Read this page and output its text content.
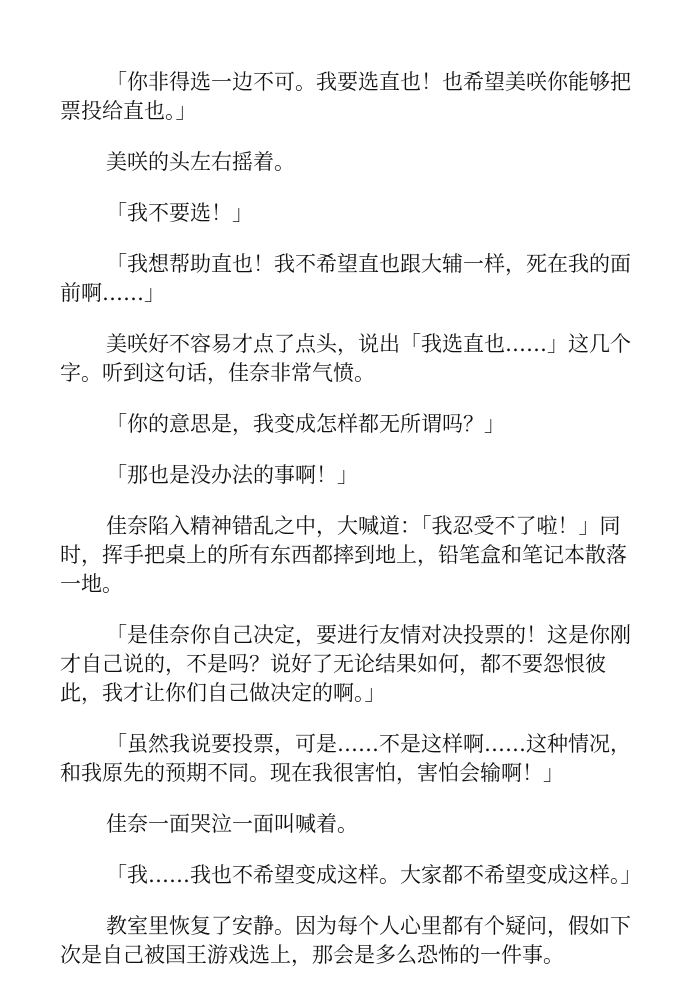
「你非得选一边不可。我要选直也！也希望美咲你能够把票投给直也。」

美咲的头左右摇着。

「我不要选！」

「我想帮助直也！我不希望直也跟大辅一样，死在我的面前啊……」

美咲好不容易才点了点头，说出「我选直也……」这几个字。听到这句话，佳奈非常气愤。

「你的意思是，我变成怎样都无所谓吗？」

「那也是没办法的事啊！」

佳奈陷入精神错乱之中，大喊道：「我忍受不了啦！」同时，挥手把桌上的所有东西都摔到地上，铅笔盒和笔记本散落一地。

「是佳奈你自己决定，要进行友情对决投票的！这是你刚才自己说的，不是吗？说好了无论结果如何，都不要怨恨彼此，我才让你们自己做决定的啊。」

「虽然我说要投票，可是……不是这样啊……这种情况，和我原先的预期不同。现在我很害怕，害怕会输啊！」

佳奈一面哭泣一面叫喊着。

「我……我也不希望变成这样。大家都不希望变成这样。」

教室里恢复了安静。因为每个人心里都有个疑问，假如下次是自己被国王游戏选上，那会是多么恐怖的一件事。
